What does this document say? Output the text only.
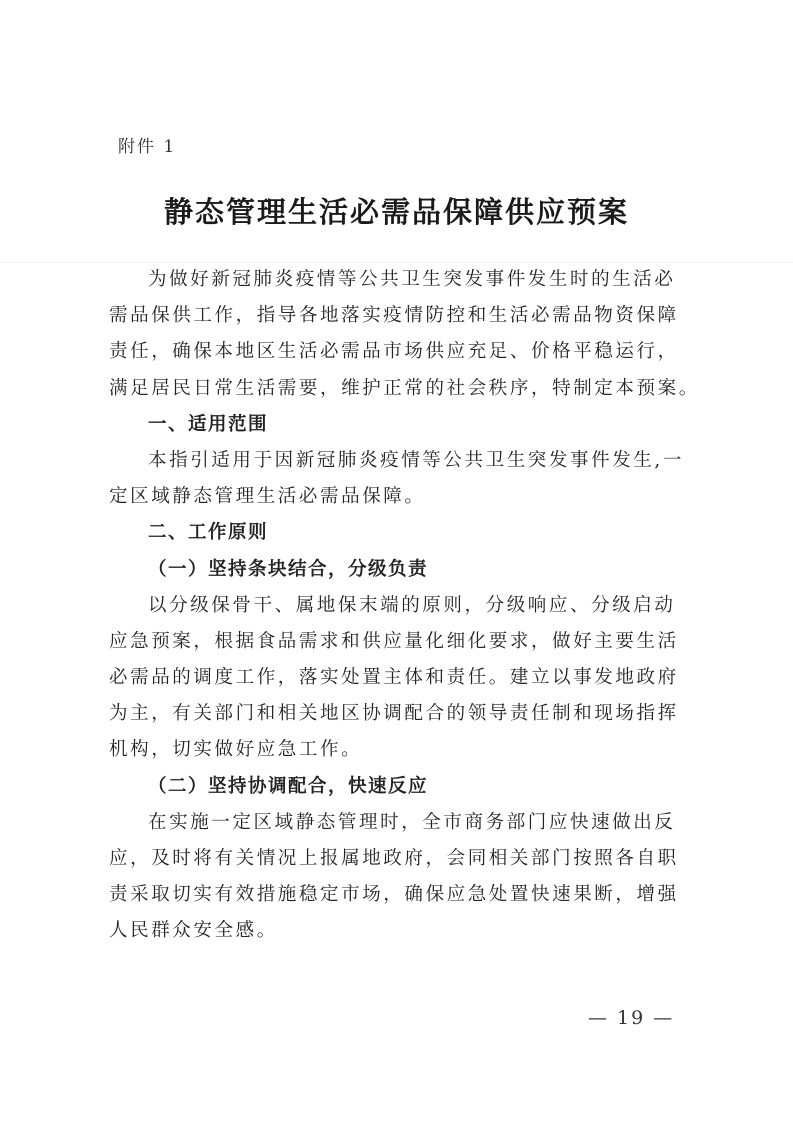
附件 1
静态管理生活必需品保障供应预案
为做好新冠肺炎疫情等公共卫生突发事件发生时的生活必
需品保供工作，指导各地落实疫情防控和生活必需品物资保障
责任，确保本地区生活必需品市场供应充足、价格平稳运行，
满足居民日常生活需要，维护正常的社会秩序，特制定本预案。
一、适用范围
本指引适用于因新冠肺炎疫情等公共卫生突发事件发生,一
定区域静态管理生活必需品保障。
二、工作原则
（一）坚持条块结合，分级负责
以分级保骨干、属地保末端的原则，分级响应、分级启动
应急预案，根据食品需求和供应量化细化要求，做好主要生活
必需品的调度工作，落实处置主体和责任。建立以事发地政府
为主，有关部门和相关地区协调配合的领导责任制和现场指挥
机构，切实做好应急工作。
（二）坚持协调配合，快速反应
在实施一定区域静态管理时，全市商务部门应快速做出反
应，及时将有关情况上报属地政府，会同相关部门按照各自职
责采取切实有效措施稳定市场，确保应急处置快速果断，增强
人民群众安全感。
— 19 —
